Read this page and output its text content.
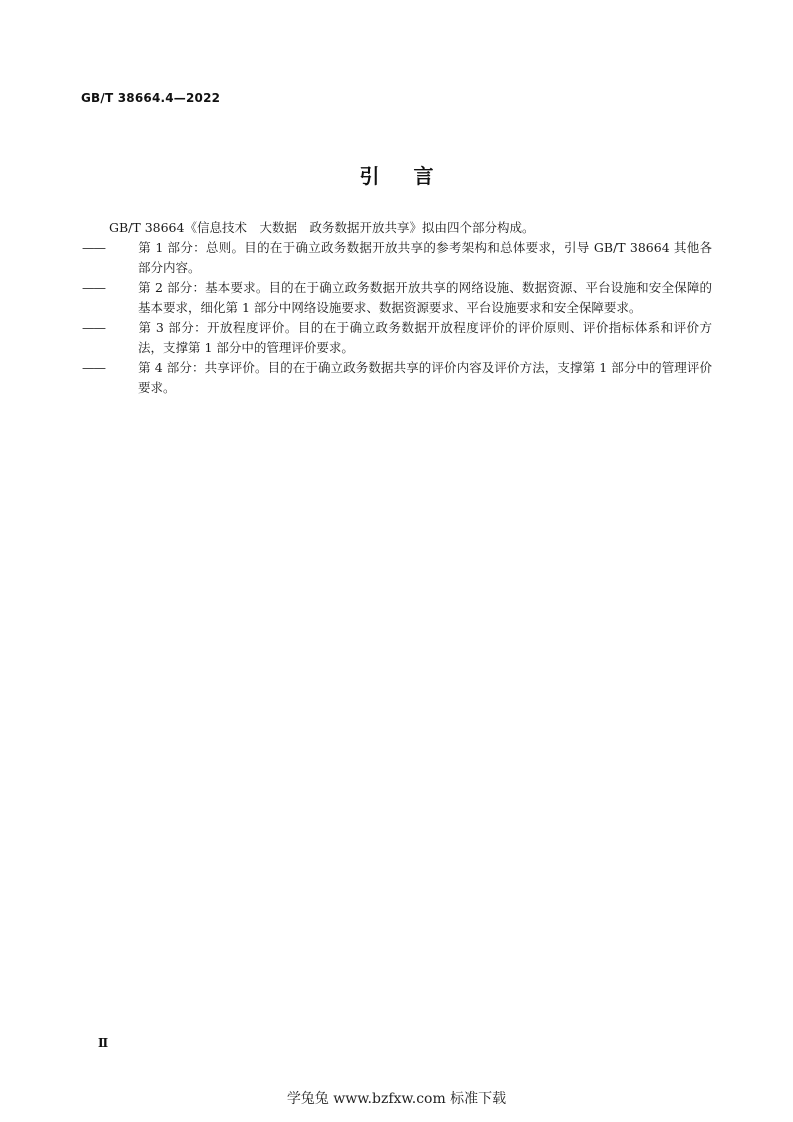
GB/T 38664.4—2022
引言

GB/T 38664《信息技术　大数据　政务数据开放共享》拟由四个部分构成。

——	第 1 部分：总则。目的在于确立政务数据开放共享的参考架构和总体要求，引导 GB/T 38664 其他各部分内容。

——	第 2 部分：基本要求。目的在于确立政务数据开放共享的网络设施、数据资源、平台设施和安全保障的基本要求，细化第 1 部分中网络设施要求、数据资源要求、平台设施要求和安全保障要求。

——	第 3 部分：开放程度评价。目的在于确立政务数据开放程度评价的评价原则、评价指标体系和评价方法，支撑第 1 部分中的管理评价要求。

——	第 4 部分：共享评价。目的在于确立政务数据共享的评价内容及评价方法，支撑第 1 部分中的管理评价要求。

Ⅱ
学兔兔 www.bzfxw.com 标准下载
